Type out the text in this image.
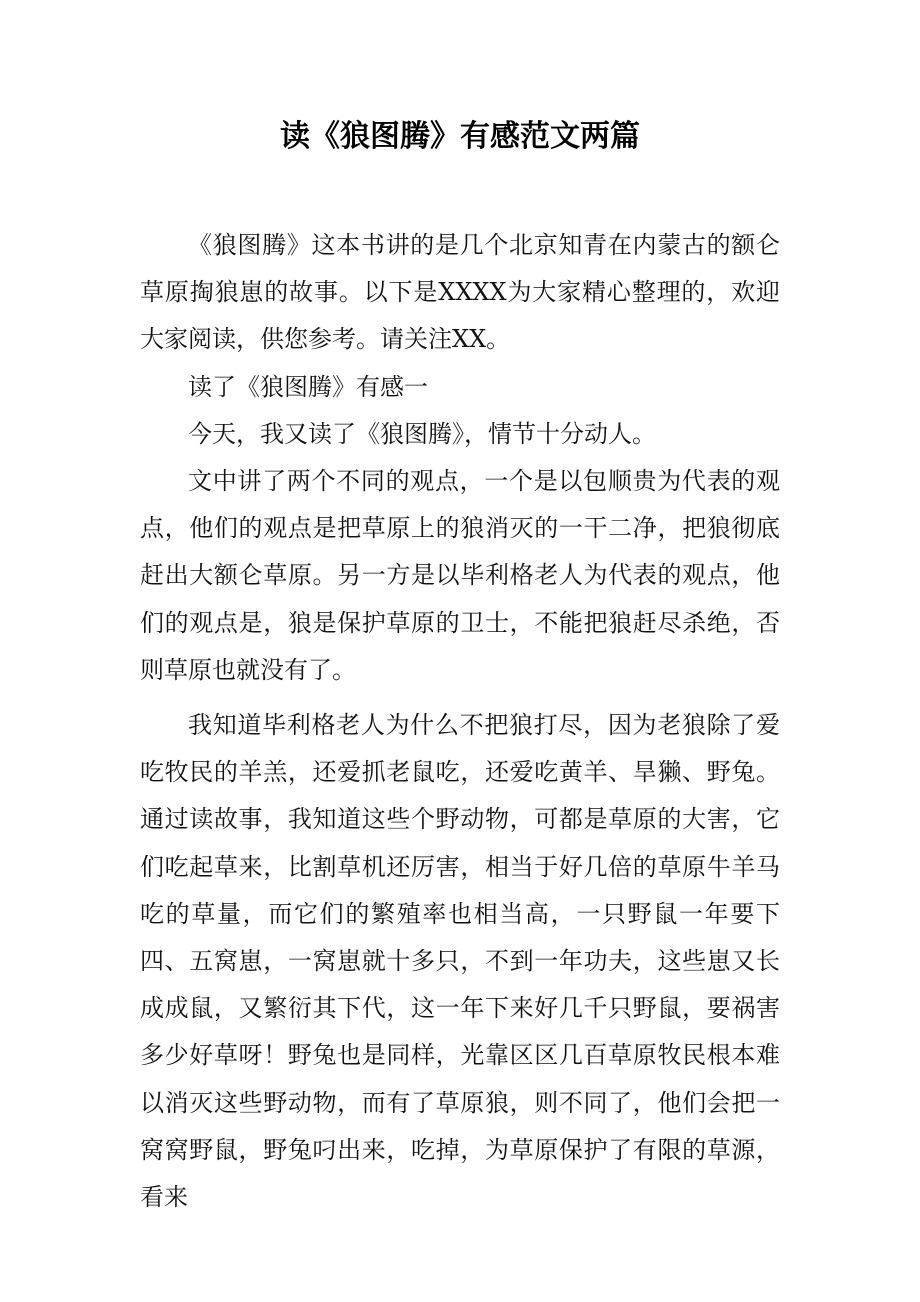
读《狼图腾》有感范文两篇

《狼图腾》这本书讲的是几个北京知青在内蒙古的额仑草原掏狼崽的故事。以下是XXXX为大家精心整理的，欢迎大家阅读，供您参考。请关注XX。

读了《狼图腾》有感一

今天，我又读了《狼图腾》，情节十分动人。

文中讲了两个不同的观点，一个是以包顺贵为代表的观点，他们的观点是把草原上的狼消灭的一干二净，把狼彻底赶出大额仑草原。另一方是以毕利格老人为代表的观点，他们的观点是，狼是保护草原的卫士，不能把狼赶尽杀绝，否则草原也就没有了。

我知道毕利格老人为什么不把狼打尽，因为老狼除了爱吃牧民的羊羔，还爱抓老鼠吃，还爱吃黄羊、旱獭、野兔。通过读故事，我知道这些个野动物，可都是草原的大害，它们吃起草来，比割草机还厉害，相当于好几倍的草原牛羊马吃的草量，而它们的繁殖率也相当高，一只野鼠一年要下四、五窝崽，一窝崽就十多只，不到一年功夫，这些崽又长成成鼠，又繁衍其下代，这一年下来好几千只野鼠，要祸害多少好草呀！野兔也是同样，光靠区区几百草原牧民根本难以消灭这些野动物，而有了草原狼，则不同了，他们会把一窝窝野鼠，野兔叼出来，吃掉，为草原保护了有限的草源，看来
